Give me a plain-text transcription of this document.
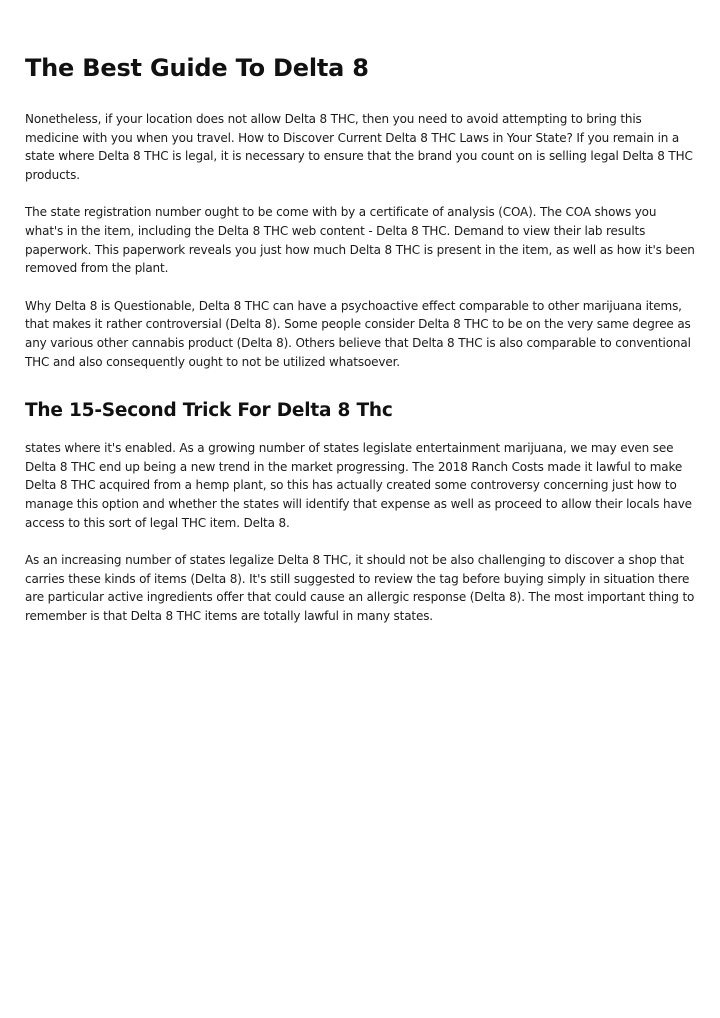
The Best Guide To Delta 8

Nonetheless, if your location does not allow Delta 8 THC, then you need to avoid attempting to bring this medicine with you when you travel. How to Discover Current Delta 8 THC Laws in Your State? If you remain in a state where Delta 8 THC is legal, it is necessary to ensure that the brand you count on is selling legal Delta 8 THC products.

The state registration number ought to be come with by a certificate of analysis (COA). The COA shows you what's in the item, including the Delta 8 THC web content - Delta 8 THC. Demand to view their lab results paperwork. This paperwork reveals you just how much Delta 8 THC is present in the item, as well as how it's been removed from the plant.

Why Delta 8 is Questionable, Delta 8 THC can have a psychoactive effect comparable to other marijuana items, that makes it rather controversial (Delta 8). Some people consider Delta 8 THC to be on the very same degree as any various other cannabis product (Delta 8). Others believe that Delta 8 THC is also comparable to conventional THC and also consequently ought to not be utilized whatsoever.

The 15-Second Trick For Delta 8 Thc

states where it's enabled. As a growing number of states legislate entertainment marijuana, we may even see Delta 8 THC end up being a new trend in the market progressing. The 2018 Ranch Costs made it lawful to make Delta 8 THC acquired from a hemp plant, so this has actually created some controversy concerning just how to manage this option and whether the states will identify that expense as well as proceed to allow their locals have access to this sort of legal THC item. Delta 8.

As an increasing number of states legalize Delta 8 THC, it should not be also challenging to discover a shop that carries these kinds of items (Delta 8). It's still suggested to review the tag before buying simply in situation there are particular active ingredients offer that could cause an allergic response (Delta 8). The most important thing to remember is that Delta 8 THC items are totally lawful in many states.
